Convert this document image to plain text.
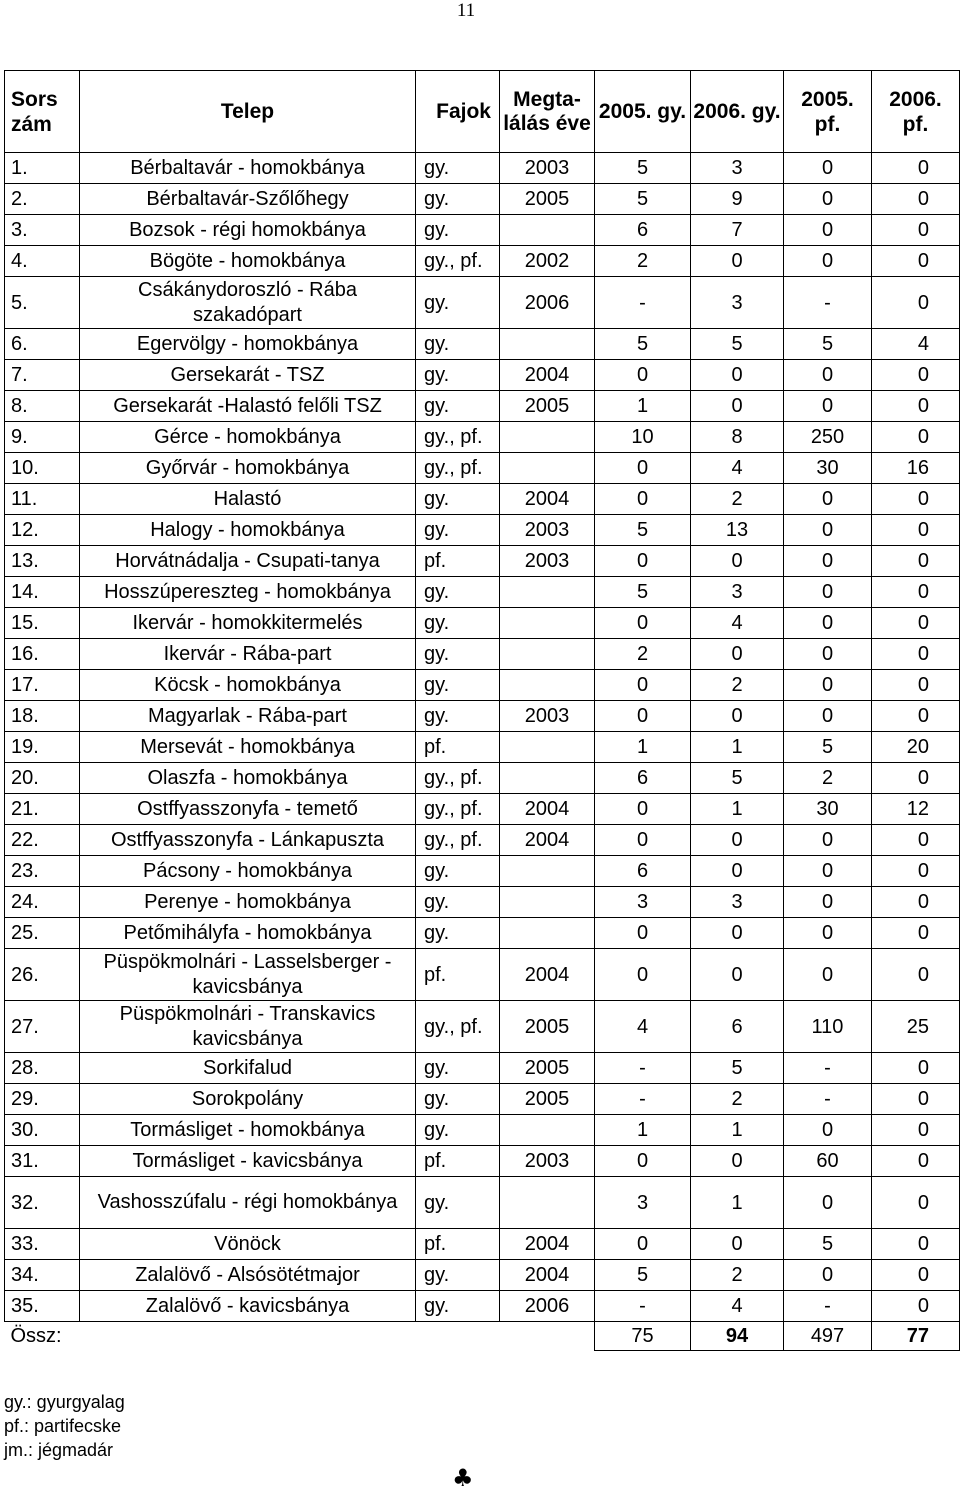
11
Sors zám	Telep	Fajok	Megta-lálás éve	2005. gy.	2006. gy.	2005. pf.	2006. pf.
1.	Bérbaltavár - homokbánya	gy.	2003	5	3	0	0
2.	Bérbaltavár-Szőlőhegy	gy.	2005	5	9	0	0
3.	Bozsok - régi homokbánya	gy.		6	7	0	0
4.	Bögöte - homokbánya	gy., pf.	2002	2	0	0	0
5.	Csákánydoroszló - Rába szakadópart	gy.	2006	-	3	-	0
6.	Egervölgy - homokbánya	gy.		5	5	5	4
7.	Gersekarát - TSZ	gy.	2004	0	0	0	0
8.	Gersekarát -Halastó felőli TSZ	gy.	2005	1	0	0	0
9.	Gérce - homokbánya	gy., pf.		10	8	250	0
10.	Győrvár - homokbánya	gy., pf.		0	4	30	16
11.	Halastó	gy.	2004	0	2	0	0
12.	Halogy - homokbánya	gy.	2003	5	13	0	0
13.	Horvátnádalja - Csupati-tanya	pf.	2003	0	0	0	0
14.	Hosszúpereszteg - homokbánya	gy.		5	3	0	0
15.	Ikervár - homokkitermelés	gy.		0	4	0	0
16.	Ikervár - Rába-part	gy.		2	0	0	0
17.	Köcsk - homokbánya	gy.		0	2	0	0
18.	Magyarlak - Rába-part	gy.	2003	0	0	0	0
19.	Mersevát - homokbánya	pf.		1	1	5	20
20.	Olaszfa - homokbánya	gy., pf.		6	5	2	0
21.	Ostffyasszonyfa - temető	gy., pf.	2004	0	1	30	12
22.	Ostffyasszonyfa - Lánkapuszta	gy., pf.	2004	0	0	0	0
23.	Pácsony - homokbánya	gy.		6	0	0	0
24.	Perenye - homokbánya	gy.		3	3	0	0
25.	Petőmihályfa - homokbánya	gy.		0	0	0	0
26.	Püspökmolnári - Lasselsberger - kavicsbánya	pf.	2004	0	0	0	0
27.	Püspökmolnári - Transkavics kavicsbánya	gy., pf.	2005	4	6	110	25
28.	Sorkifalud	gy.	2005	-	5	-	0
29.	Sorokpolány	gy.	2005	-	2	-	0
30.	Tormásliget - homokbánya	gy.		1	1	0	0
31.	Tormásliget - kavicsbánya	pf.	2003	0	0	60	0
32.	Vashosszúfalu - régi homokbánya	gy.		3	1	0	0
33.	Vönöck	pf.	2004	0	0	5	0
34.	Zalalövő - Alsósötétmajor	gy.	2004	5	2	0	0
35.	Zalalövő - kavicsbánya	gy.	2006	-	4	-	0
Össz:				75	94	497	77
gy.: gyurgyalag
pf.: partifecske
jm.: jégmadár
♣
